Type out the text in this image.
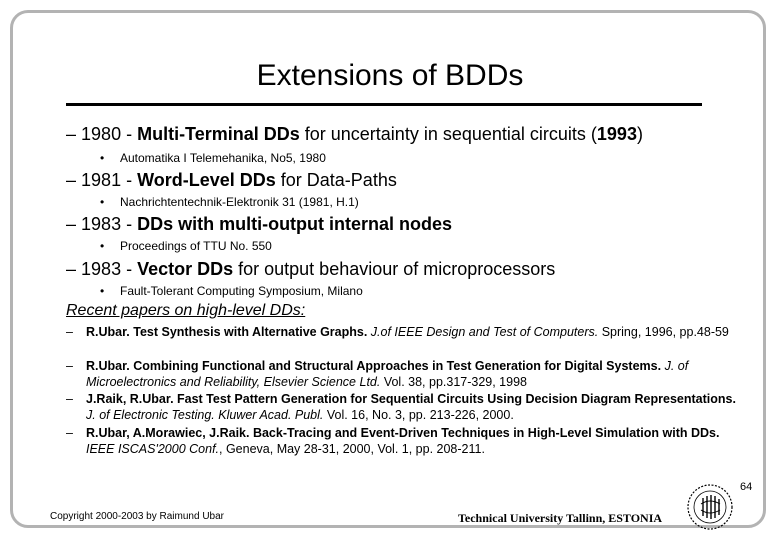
Extensions of BDDs
– 1980 - Multi-Terminal DDs for uncertainty in sequential circuits (1993)
• Automatika I Telemehanika, No5, 1980
– 1981 - Word-Level DDs for Data-Paths
• Nachrichtentechnik-Elektronik 31 (1981, H.1)
– 1983 - DDs with multi-output internal nodes
• Proceedings of TTU No. 550
– 1983 - Vector DDs for output behaviour of microprocessors
• Fault-Tolerant Computing Symposium, Milano
Recent papers on high-level DDs:
– R.Ubar. Test Synthesis with Alternative Graphs. J.of IEEE Design and Test of Computers. Spring, 1996, pp.48-59
– R.Ubar. Combining Functional and Structural Approaches in Test Generation for Digital Systems. J. of Microelectronics and Reliability, Elsevier Science Ltd. Vol. 38, pp.317-329, 1998
– J.Raik, R.Ubar. Fast Test Pattern Generation for Sequential Circuits Using Decision Diagram Representations. J. of Electronic Testing. Kluwer Acad. Publ. Vol. 16, No. 3, pp. 213-226, 2000.
– R.Ubar, A.Morawiec, J.Raik. Back-Tracing and Event-Driven Techniques in High-Level Simulation with DDs. IEEE ISCAS'2000 Conf., Geneva, May 28-31, 2000, Vol. 1, pp. 208-211.
64
Copyright 2000-2003 by Raimund Ubar	Technical University Tallinn, ESTONIA
